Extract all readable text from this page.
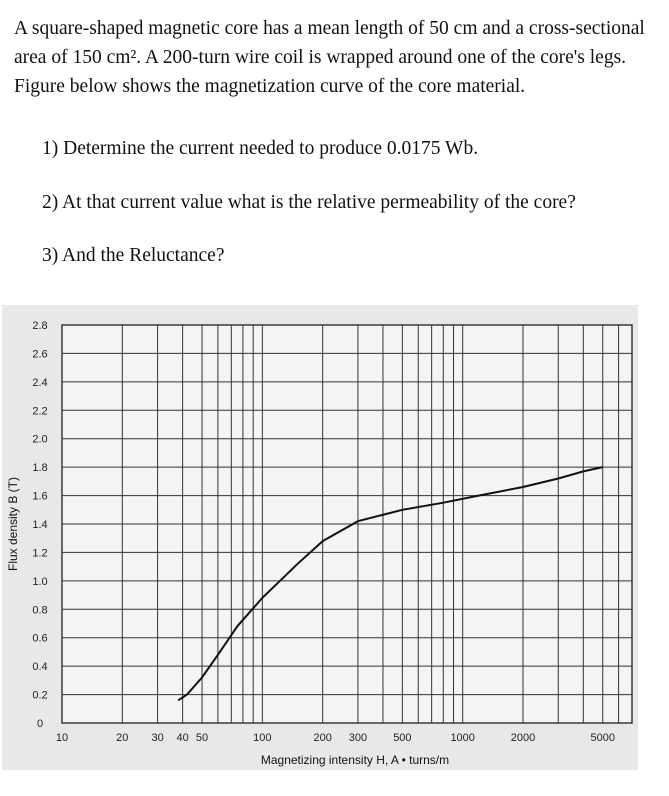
A square-shaped magnetic core has a mean length of 50 cm and a cross-sectional area of 150 cm². A 200-turn wire coil is wrapped around one of the core's legs. Figure below shows the magnetization curve of the core material.

1) Determine the current needed to produce 0.0175 Wb.
2) At that current value what is the relative permeability of the core?
3) And the Reluctance?
0
0.2
0.4
0.6
0.8
1.0
1.2
1.4
1.6
1.8
2.0
2.2
2.4
2.6
2.8
10	20 30 40 50	100	200 300 500	1000	2000	5000
Magnetizing intensity H, A • turns/m
Flux density B (T)
